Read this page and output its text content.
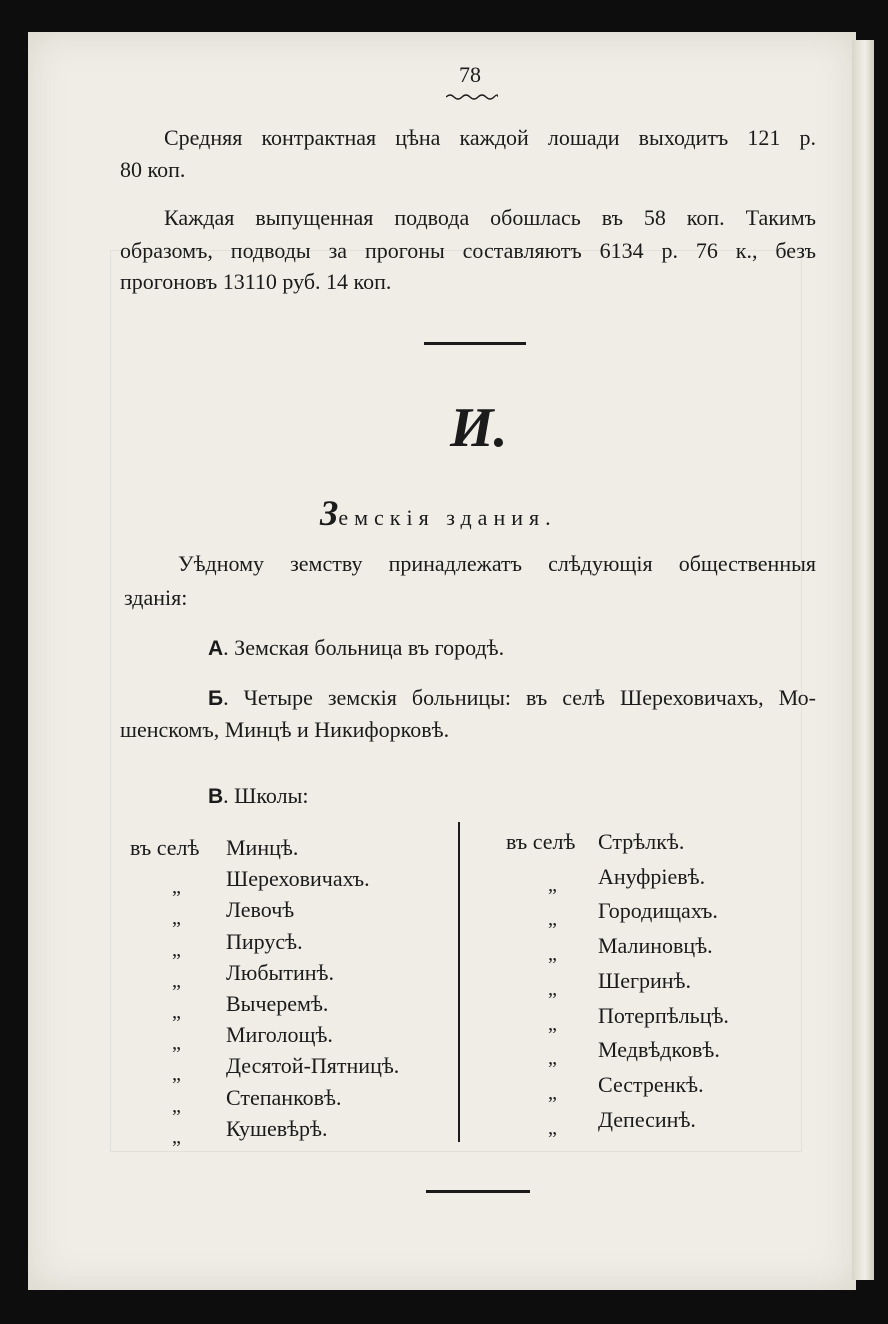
78
Средняя контрактная цѣна каждой лошади выходитъ 121 р.
80 коп.
Каждая выпущенная подвода обошлась въ 58 коп. Такимъ
образомъ, подводы за прогоны составляютъ 6134 р. 76 к., безъ
прогоновъ 13110 руб. 14 коп.
И.
Земскія здания.
Уѣдному земству принадлежатъ слѣдующія общественныя
зданія:
А. Земская больница въ городѣ.
Б. Четыре земскія больницы: въ селѣ Шереховичахъ, Мо-
шенскомъ, Минцѣ и Никифорковѣ.
В. Школы:
въ селѣ	въ селѣ
Минцѣ.
Шереховичахъ.
„
Левочѣ
„
Пирусѣ.
„
Любытинѣ.
„
Вычеремѣ.
„
Миголощѣ.
„
Десятой-Пятницѣ.
„
Степанковѣ.
„
Кушевѣрѣ.
„
Стрѣлкѣ.
Ануфріевѣ.
„
Городищахъ.
„
Малиновцѣ.
„
Шегринѣ.
„
Потерпѣльцѣ.
„
Медвѣдковѣ.
„
Сестренкѣ.
„
Депесинѣ.
„
